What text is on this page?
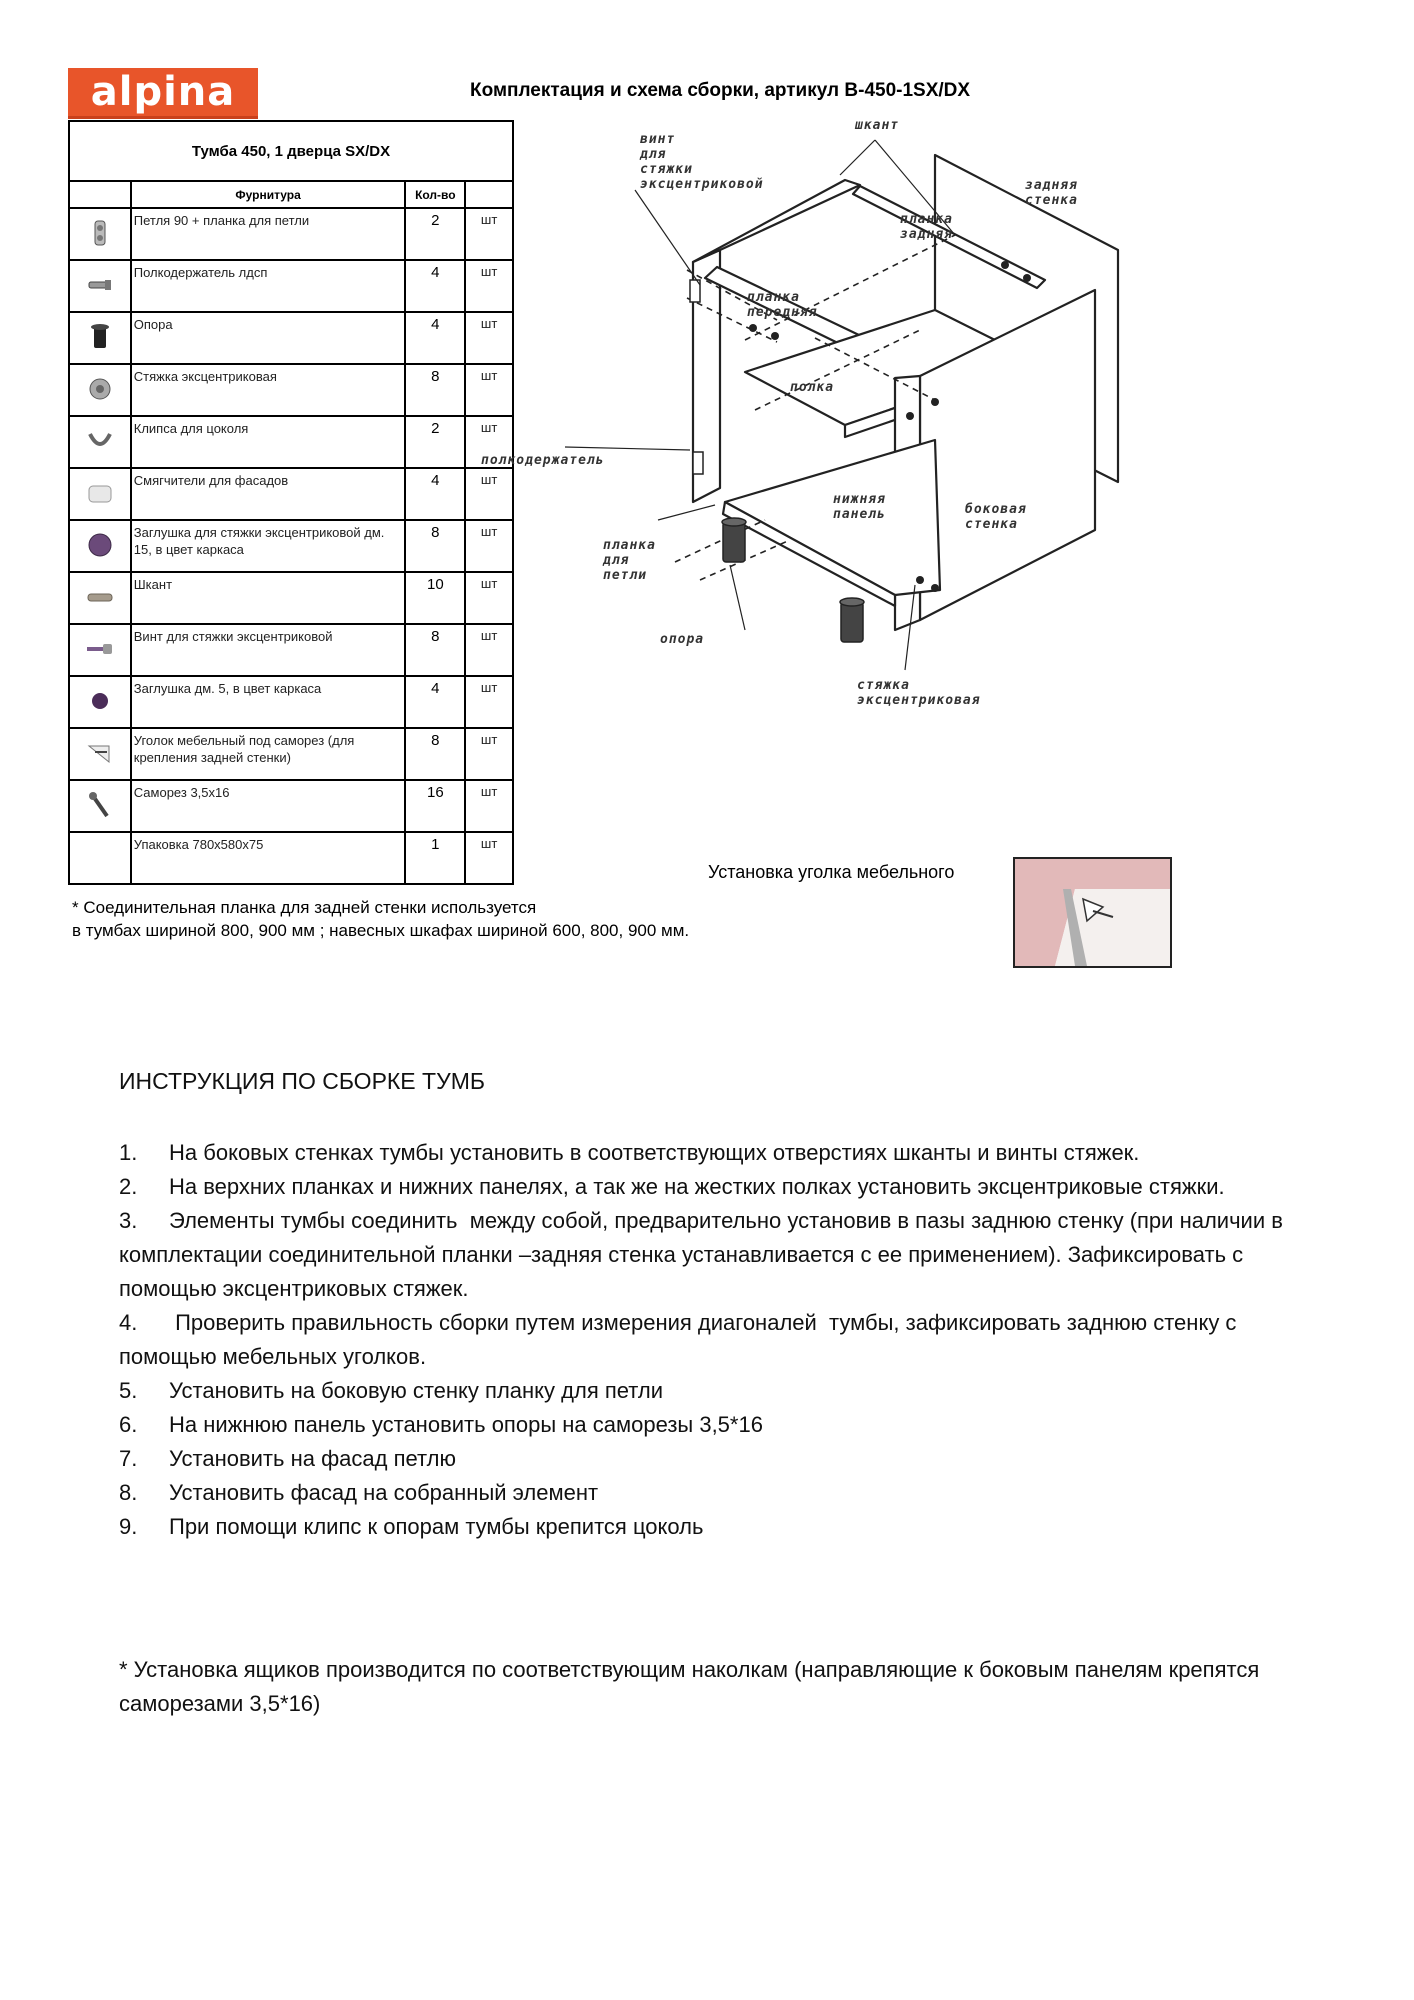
alpina	Комплектация и схема сборки, артикул B-450-1SX/DX
Тумба 450, 1 дверца SX/DX			
	Фурнитура	Кол-во	
	Петля 90 + планка для петли	2	шт
	Полкодержатель лдсп	4	шт
	Опора	4	шт
	Стяжка эксцентриковая	8	шт
	Клипса для цоколя	2	шт
	Смягчители для фасадов	4	шт
	Заглушка для стяжки эксцентриковой дм. 15, в цвет каркаса	8	шт
	Шкант	10	шт
	Винт для стяжки эксцентриковой	8	шт
	Заглушка дм. 5, в цвет каркаса	4	шт
	Уголок мебельный под саморез (для крепления задней стенки)	8	шт
	Саморез 3,5х16	16	шт
	Упаковка 780х580х75	1	шт
винт
для
стяжки
эксцентриковой
шкант
задняя
стенка
планка
задняя
планка
передняя
полка
полкодержатель
нижняя
панель	боковая
стенка
планка
для
петли
опора
стяжка
эксцентриковая
Установка уголка мебельного
* Соединительная планка для задней стенки используется
в тумбах шириной 800, 900 мм ; навесных шкафах шириной 600, 800, 900 мм.
ИНСТРУКЦИЯ ПО СБОРКЕ ТУМБ

1. На боковых стенках тумбы установить в соответствующих отверстиях шканты и винты стяжек.

2. На верхних планках и нижних панелях, а так же на жестких полках установить эксцентриковые стяжки.

3. Элементы тумбы соединить  между собой, предварительно установив в пазы заднюю стенку (при наличии в комплектации соединительной планки –задняя стенка устанавливается с ее применением). Зафиксировать с помощью эксцентриковых стяжек.

4. Проверить правильность сборки путем измерения диагоналей  тумбы, зафиксировать заднюю стенку с помощью мебельных уголков.

5. Установить на боковую стенку планку для петли

6. На нижнюю панель установить опоры на саморезы 3,5*16

7. Установить на фасад петлю

8. Установить фасад на собранный элемент

9. При помощи клипс к опорам тумбы крепится цоколь

* Установка ящиков производится по соответствующим наколкам (направляющие к боковым панелям крепятся саморезами 3,5*16)
